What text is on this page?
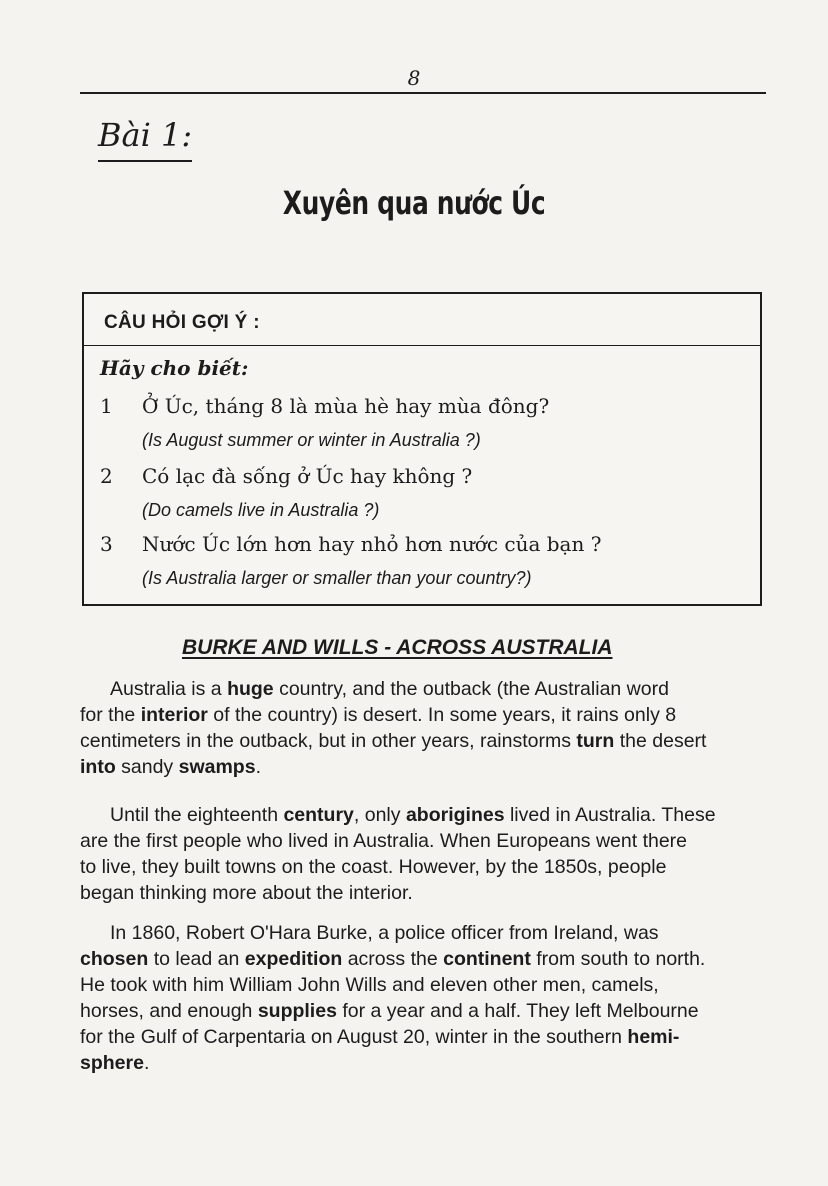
8
Bài 1:
Xuyên qua nước Úc
CÂU HỎI GỢI Ý :
Hãy cho biết:
1 Ở Úc, tháng 8 là mùa hè hay mùa đông?
(Is August summer or winter in Australia ?)
2 Có lạc đà sống ở Úc hay không ?
(Do camels live in Australia ?)
3 Nước Úc lớn hơn hay nhỏ hơn nước của bạn ?
(Is Australia larger or smaller than your country?)
BURKE AND WILLS - ACROSS AUSTRALIA
Australia is a huge country, and the outback (the Australian word
for the interior of the country) is desert. In some years, it rains only 8
centimeters in the outback, but in other years, rainstorms turn the desert
into sandy swamps.
Until the eighteenth century, only aborigines lived in Australia. These
are the first people who lived in Australia. When Europeans went there
to live, they built towns on the coast. However, by the 1850s, people
began thinking more about the interior.
In 1860, Robert O'Hara Burke, a police officer from Ireland, was
chosen to lead an expedition across the continent from south to north.
He took with him William John Wills and eleven other men, camels,
horses, and enough supplies for a year and a half. They left Melbourne
for the Gulf of Carpentaria on August 20, winter in the southern hemi-
sphere.
